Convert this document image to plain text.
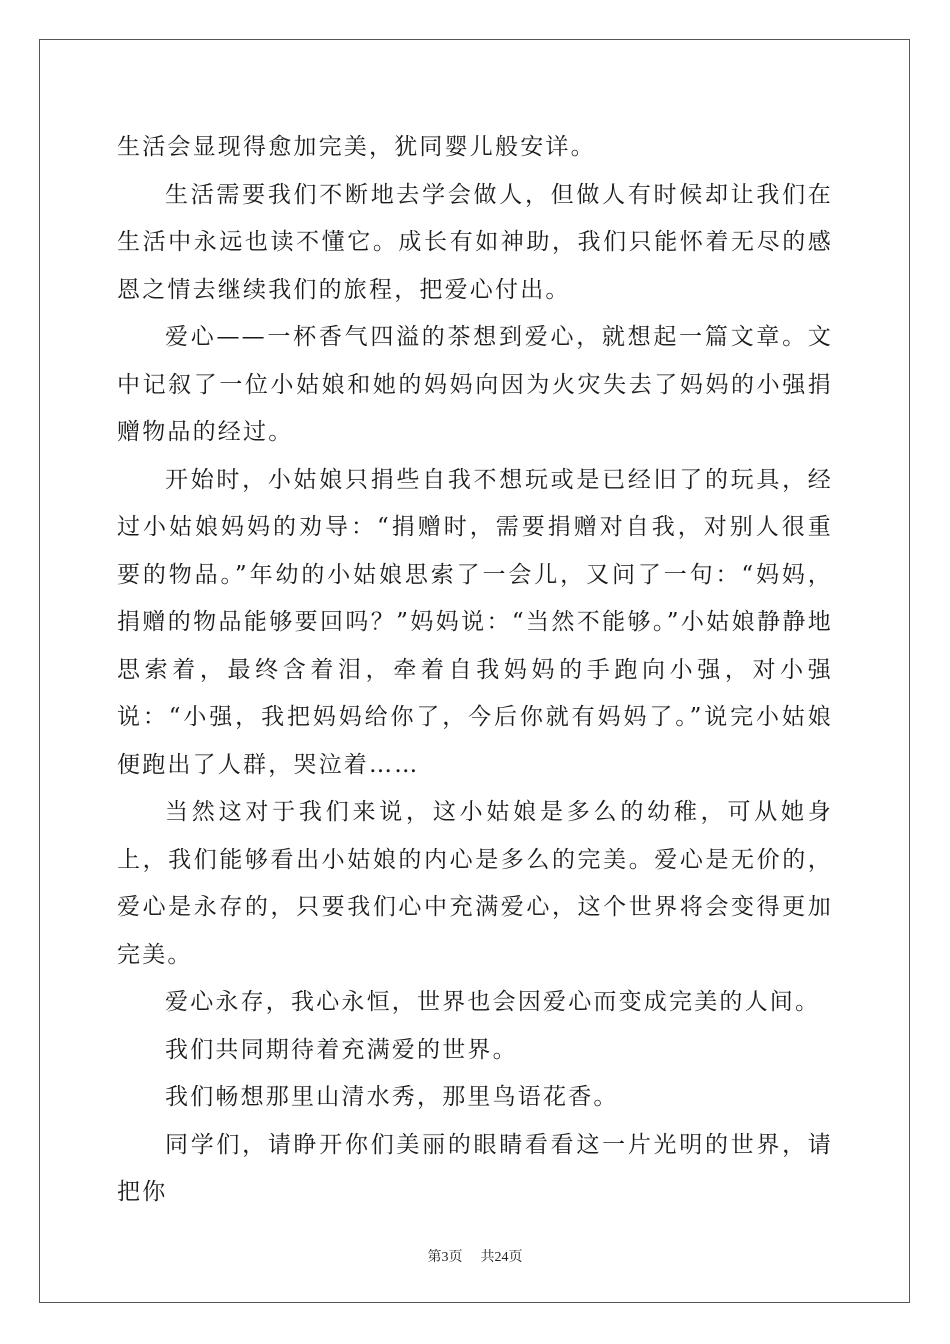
生活会显现得愈加完美，犹同婴儿般安详。

生活需要我们不断地去学会做人，但做人有时候却让我们在生活中永远也读不懂它。成长有如神助，我们只能怀着无尽的感恩之情去继续我们的旅程，把爱心付出。

爱心——一杯香气四溢的茶想到爱心，就想起一篇文章。文中记叙了一位小姑娘和她的妈妈向因为火灾失去了妈妈的小强捐赠物品的经过。

开始时，小姑娘只捐些自我不想玩或是已经旧了的玩具，经过小姑娘妈妈的劝导：“捐赠时，需要捐赠对自我，对别人很重要的物品。”年幼的小姑娘思索了一会儿，又问了一句：“妈妈，捐赠的物品能够要回吗？”妈妈说：“当然不能够。”小姑娘静静地思索着，最终含着泪，牵着自我妈妈的手跑向小强，对小强说：“小强，我把妈妈给你了，今后你就有妈妈了。”说完小姑娘便跑出了人群，哭泣着……

当然这对于我们来说，这小姑娘是多么的幼稚，可从她身上，我们能够看出小姑娘的内心是多么的完美。爱心是无价的，爱心是永存的，只要我们心中充满爱心，这个世界将会变得更加完美。

爱心永存，我心永恒，世界也会因爱心而变成完美的人间。

我们共同期待着充满爱的世界。

我们畅想那里山清水秀，那里鸟语花香。

同学们，请睁开你们美丽的眼睛看看这一片光明的世界，请把你

第3页 共24页
